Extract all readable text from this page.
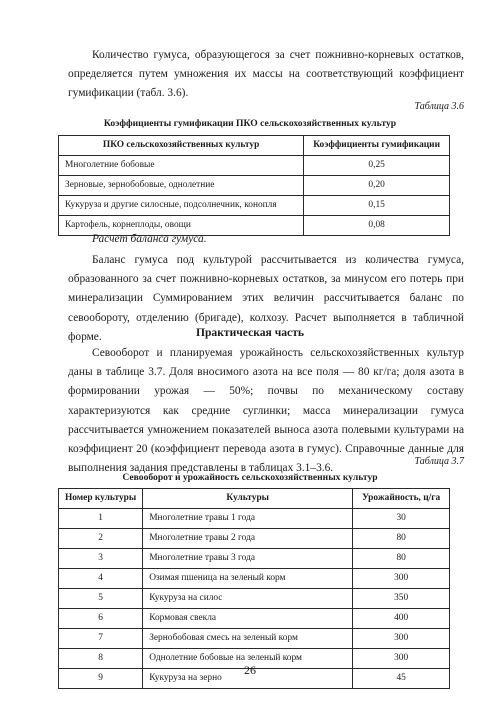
Количество гумуса, образующегося за счет пожнивно-корневых остатков, определяется путем умножения их массы на соответствующий коэффициент гумификации (табл. 3.6).

Таблица 3.6

Коэффициенты гумификации ПКО сельскохозяйственных культур

ПКО сельскохозяйственных культур	Коэффициенты гумификации
Многолетние бобовые	0,25
Зерновые, зернобобовые, однолетние	0,20
Кукуруза и другие силосные, подсолнечник, конопля	0,15
Картофель, корнеплоды, овощи	0,08

Расчет баланса гумуса.

Баланс гумуса под культурой рассчитывается из количества гумуса, образованного за счет пожнивно-корневых остатков, за минусом его потерь при минерализации Суммированием этих величин рассчитывается баланс по севообороту, отделению (бригаде), колхозу. Расчет выполняется в табличной форме.	Практическая часть

Севооборот и планируемая урожайность сельскохозяйственных культур даны в таблице 3.7. Доля вносимого азота на все поля — 80 кг/га; доля азота в формировании урожая — 50%; почвы по механическому составу характеризуются как средние суглинки; масса минерализации гумуса рассчитывается умножением показателей выноса азота полевыми культурами на коэффициент 20 (коэффициент перевода азота в гумус). Справочные данные для выполнения задания представлены в таблицах 3.1–3.6.

Таблица 3.7

Севооборот и урожайность сельскохозяйственных культур

Номер культуры	Культуры	Урожайность, ц/га
1	Многолетние травы 1 года	30
2	Многолетние травы 2 года	80
3	Многолетние травы 3 года	80
4	Озимая пшеница на зеленый корм	300
5	Кукуруза на силос	350
6	Кормовая свекла	400
7	Зернобобовая смесь на зеленый корм	300
8	Однолетние бобовые на зеленый корм	300
9	Кукуруза на зерно	45

26
